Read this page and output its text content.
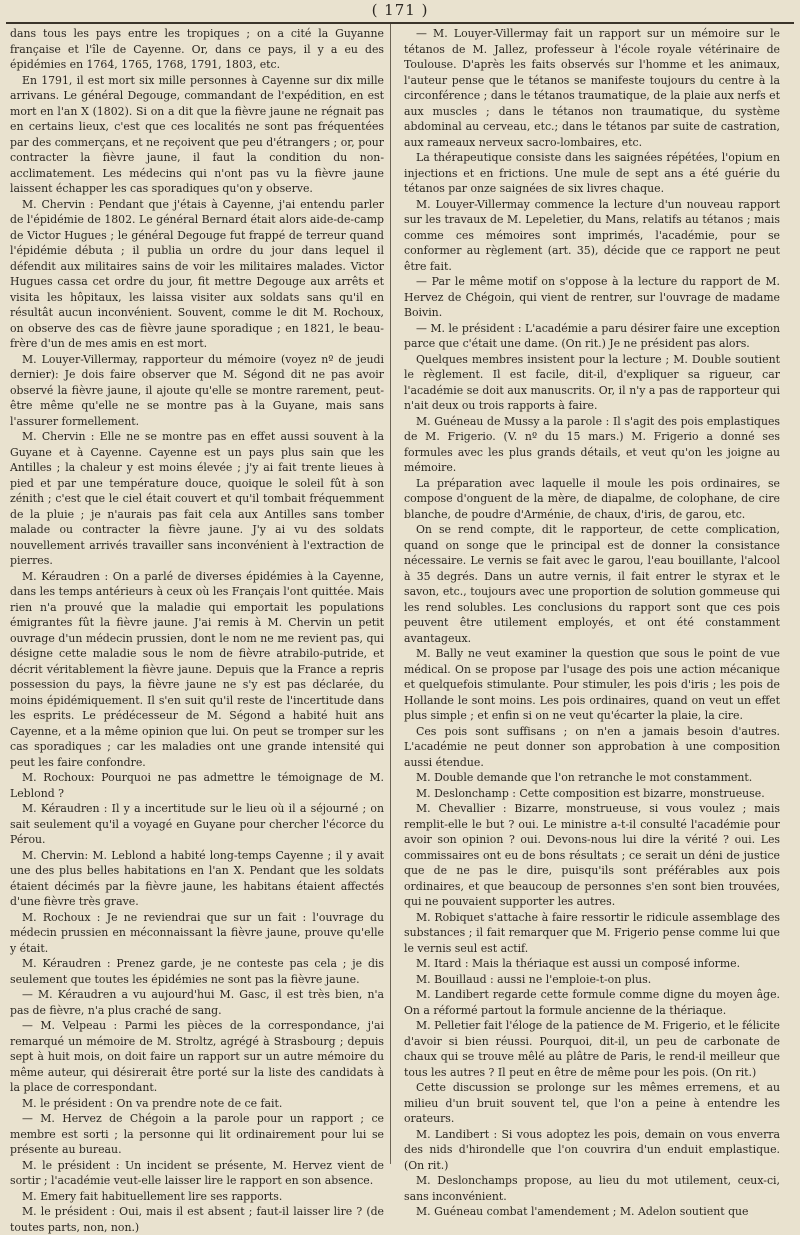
( 171 )

dans tous les pays entre les tropiques ; on a cité la Guyanne française et l'île de Cayenne. Or, dans ce pays, il y a eu des épidémies en 1764, 1765, 1768, 1791, 1803, etc.

En 1791, il est mort six mille personnes à Cayenne sur dix mille arrivans. Le général Degouge, commandant de l'expédition, en est mort en l'an X (1802). Si on a dit que la fièvre jaune ne régnait pas en certains lieux, c'est que ces localités ne sont pas fréquentées par des commerçans, et ne reçoivent que peu d'étrangers ; or, pour contracter la fièvre jaune, il faut la condition du non-acclimatement. Les médecins qui n'ont pas vu la fièvre jaune laissent échapper les cas sporadiques qu'on y observe.

M. Chervin : Pendant que j'étais à Cayenne, j'ai entendu parler de l'épidémie de 1802. Le général Bernard était alors aide-de-camp de Victor Hugues ; le général Degouge fut frappé de terreur quand l'épidémie débuta ; il publia un ordre du jour dans lequel il défendit aux militaires sains de voir les militaires malades. Victor Hugues cassa cet ordre du jour, fit mettre Degouge aux arrêts et visita les hôpitaux, les laissa visiter aux soldats sans qu'il en résultât aucun inconvénient. Souvent, comme le dit M. Rochoux, on observe des cas de fièvre jaune sporadique ; en 1821, le beau-frère d'un de mes amis en est mort.

M. Louyer-Villermay, rapporteur du mémoire (voyez nº de jeudi dernier): Je dois faire observer que M. Ségond dit ne pas avoir observé la fièvre jaune, il ajoute qu'elle se montre rarement, peut-être même qu'elle ne se montre pas à la Guyane, mais sans l'assurer formellement.

M. Chervin : Elle ne se montre pas en effet aussi souvent à la Guyane et à Cayenne. Cayenne est un pays plus sain que les Antilles ; la chaleur y est moins élevée ; j'y ai fait trente lieues à pied et par une température douce, quoique le soleil fût à son zénith ; c'est que le ciel était couvert et qu'il tombait fréquemment de la pluie ; je n'aurais pas fait cela aux Antilles sans tomber malade ou contracter la fièvre jaune. J'y ai vu des soldats nouvellement arrivés travailler sans inconvénient à l'extraction de pierres.

M. Kéraudren : On a parlé de diverses épidémies à la Cayenne, dans les temps antérieurs à ceux où les Français l'ont quittée. Mais rien n'a prouvé que la maladie qui emportait les populations émigrantes fût la fièvre jaune. J'ai remis à M. Chervin un petit ouvrage d'un médecin prussien, dont le nom ne me revient pas, qui désigne cette maladie sous le nom de fièvre atrabilo-putride, et décrit véritablement la fièvre jaune. Depuis que la France a repris possession du pays, la fièvre jaune ne s'y est pas déclarée, du moins épidémiquement. Il s'en suit qu'il reste de l'incertitude dans les esprits. Le prédécesseur de M. Ségond a habité huit ans Cayenne, et a la même opinion que lui. On peut se tromper sur les cas sporadiques ; car les maladies ont une grande intensité qui peut les faire confondre.

M. Rochoux: Pourquoi ne pas admettre le témoignage de M. Leblond ?

M. Kéraudren : Il y a incertitude sur le lieu où il a séjourné ; on sait seulement qu'il a voyagé en Guyane pour chercher l'écorce du Pérou.

M. Chervin: M. Leblond a habité long-temps Cayenne ; il y avait une des plus belles habitations en l'an X. Pendant que les soldats étaient décimés par la fièvre jaune, les habitans étaient affectés d'une fièvre très grave.

M. Rochoux : Je ne reviendrai que sur un fait : l'ouvrage du médecin prussien en méconnaissant la fièvre jaune, prouve qu'elle y était.

M. Kéraudren : Prenez garde, je ne conteste pas cela ; je dis seulement que toutes les épidémies ne sont pas la fièvre jaune.

— M. Kéraudren a vu aujourd'hui M. Gasc, il est très bien, n'a pas de fièvre, n'a plus craché de sang.

— M. Velpeau : Parmi les pièces de la correspondance, j'ai remarqué un mémoire de M. Stroltz, agrégé à Strasbourg ; depuis sept à huit mois, on doit faire un rapport sur un autre mémoire du même auteur, qui désirerait être porté sur la liste des candidats à la place de correspondant.

M. le président : On va prendre note de ce fait.

— M. Hervez de Chégoin a la parole pour un rapport ; ce membre est sorti ; la personne qui lit ordinairement pour lui se présente au bureau.

M. le président : Un incident se présente, M. Hervez vient de sortir ; l'académie veut-elle laisser lire le rapport en son absence.

M. Emery fait habituellement lire ses rapports.

M. le président : Oui, mais il est absent ; faut-il laisser lire ? (de toutes parts, non, non.)

— M. Louyer-Villermay fait un rapport sur un mémoire sur le tétanos de M. Jallez, professeur à l'école royale vétérinaire de Toulouse. D'après les faits observés sur l'homme et les animaux, l'auteur pense que le tétanos se manifeste toujours du centre à la circonférence ; dans le tétanos traumatique, de la plaie aux nerfs et aux muscles ; dans le tétanos non traumatique, du système abdominal au cerveau, etc.; dans le tétanos par suite de castration, aux rameaux nerveux sacro-lombaires, etc.

La thérapeutique consiste dans les saignées répétées, l'opium en injections et en frictions. Une mule de sept ans a été guérie du tétanos par onze saignées de six livres chaque.

M. Louyer-Villermay commence la lecture d'un nouveau rapport sur les travaux de M. Lepeletier, du Mans, relatifs au tétanos ; mais comme ces mémoires sont imprimés, l'académie, pour se conformer au règlement (art. 35), décide que ce rapport ne peut être fait.

— Par le même motif on s'oppose à la lecture du rapport de M. Hervez de Chégoin, qui vient de rentrer, sur l'ouvrage de madame Boivin.

— M. le président : L'académie a paru désirer faire une exception parce que c'était une dame. (On rit.) Je ne président pas alors.

Quelques membres insistent pour la lecture ; M. Double soutient le règlement. Il est facile, dit-il, d'expliquer sa rigueur, car l'académie se doit aux manuscrits. Or, il n'y a pas de rapporteur qui n'ait deux ou trois rapports à faire.

M. Guéneau de Mussy a la parole : Il s'agit des pois emplastiques de M. Frigerio. (V. nº du 15 mars.) M. Frigerio a donné ses formules avec les plus grands détails, et veut qu'on les joigne au mémoire.

La préparation avec laquelle il moule les pois ordinaires, se compose d'onguent de la mère, de diapalme, de colophane, de cire blanche, de poudre d'Arménie, de chaux, d'iris, de garou, etc.

On se rend compte, dit le rapporteur, de cette complication, quand on songe que le principal est de donner la consistance nécessaire. Le vernis se fait avec le garou, l'eau bouillante, l'alcool à 35 degrés. Dans un autre vernis, il fait entrer le styrax et le savon, etc., toujours avec une proportion de solution gommeuse qui les rend solubles. Les conclusions du rapport sont que ces pois peuvent être utilement employés, et ont été constamment avantageux.

M. Bally ne veut examiner la question que sous le point de vue médical. On se propose par l'usage des pois une action mécanique et quelquefois stimulante. Pour stimuler, les pois d'iris ; les pois de Hollande le sont moins. Les pois ordinaires, quand on veut un effet plus simple ; et enfin si on ne veut qu'écarter la plaie, la cire.

Ces pois sont suffisans ; on n'en a jamais besoin d'autres. L'académie ne peut donner son approbation à une composition aussi étendue.

M. Double demande que l'on retranche le mot constamment.

M. Deslonchamp : Cette composition est bizarre, monstrueuse.

M. Chevallier : Bizarre, monstrueuse, si vous voulez ; mais remplit-elle le but ? oui. Le ministre a-t-il consulté l'académie pour avoir son opinion ? oui. Devons-nous lui dire la vérité ? oui. Les commissaires ont eu de bons résultats ; ce serait un déni de justice que de ne pas le dire, puisqu'ils sont préférables aux pois ordinaires, et que beaucoup de personnes s'en sont bien trouvées, qui ne pouvaient supporter les autres.

M. Robiquet s'attache à faire ressortir le ridicule assemblage des substances ; il fait remarquer que M. Frigerio pense comme lui que le vernis seul est actif.

M. Itard : Mais la thériaque est aussi un composé informe.

M. Bouillaud : aussi ne l'emploie-t-on plus.

M. Landibert regarde cette formule comme digne du moyen âge. On a réformé partout la formule ancienne de la thériaque.

M. Pelletier fait l'éloge de la patience de M. Frigerio, et le félicite d'avoir si bien réussi. Pourquoi, dit-il, un peu de carbonate de chaux qui se trouve mêlé au plâtre de Paris, le rend-il meilleur que tous les autres ? Il peut en être de même pour les pois. (On rit.)

Cette discussion se prolonge sur les mêmes erremens, et au milieu d'un bruit souvent tel, que l'on a peine à entendre les orateurs.

M. Landibert : Si vous adoptez les pois, demain on vous enverra des nids d'hirondelle que l'on couvrira d'un enduit emplastique. (On rit.)

M. Deslonchamps propose, au lieu du mot utilement, ceux-ci, sans inconvénient.

M. Guéneau combat l'amendement ; M. Adelon soutient que
